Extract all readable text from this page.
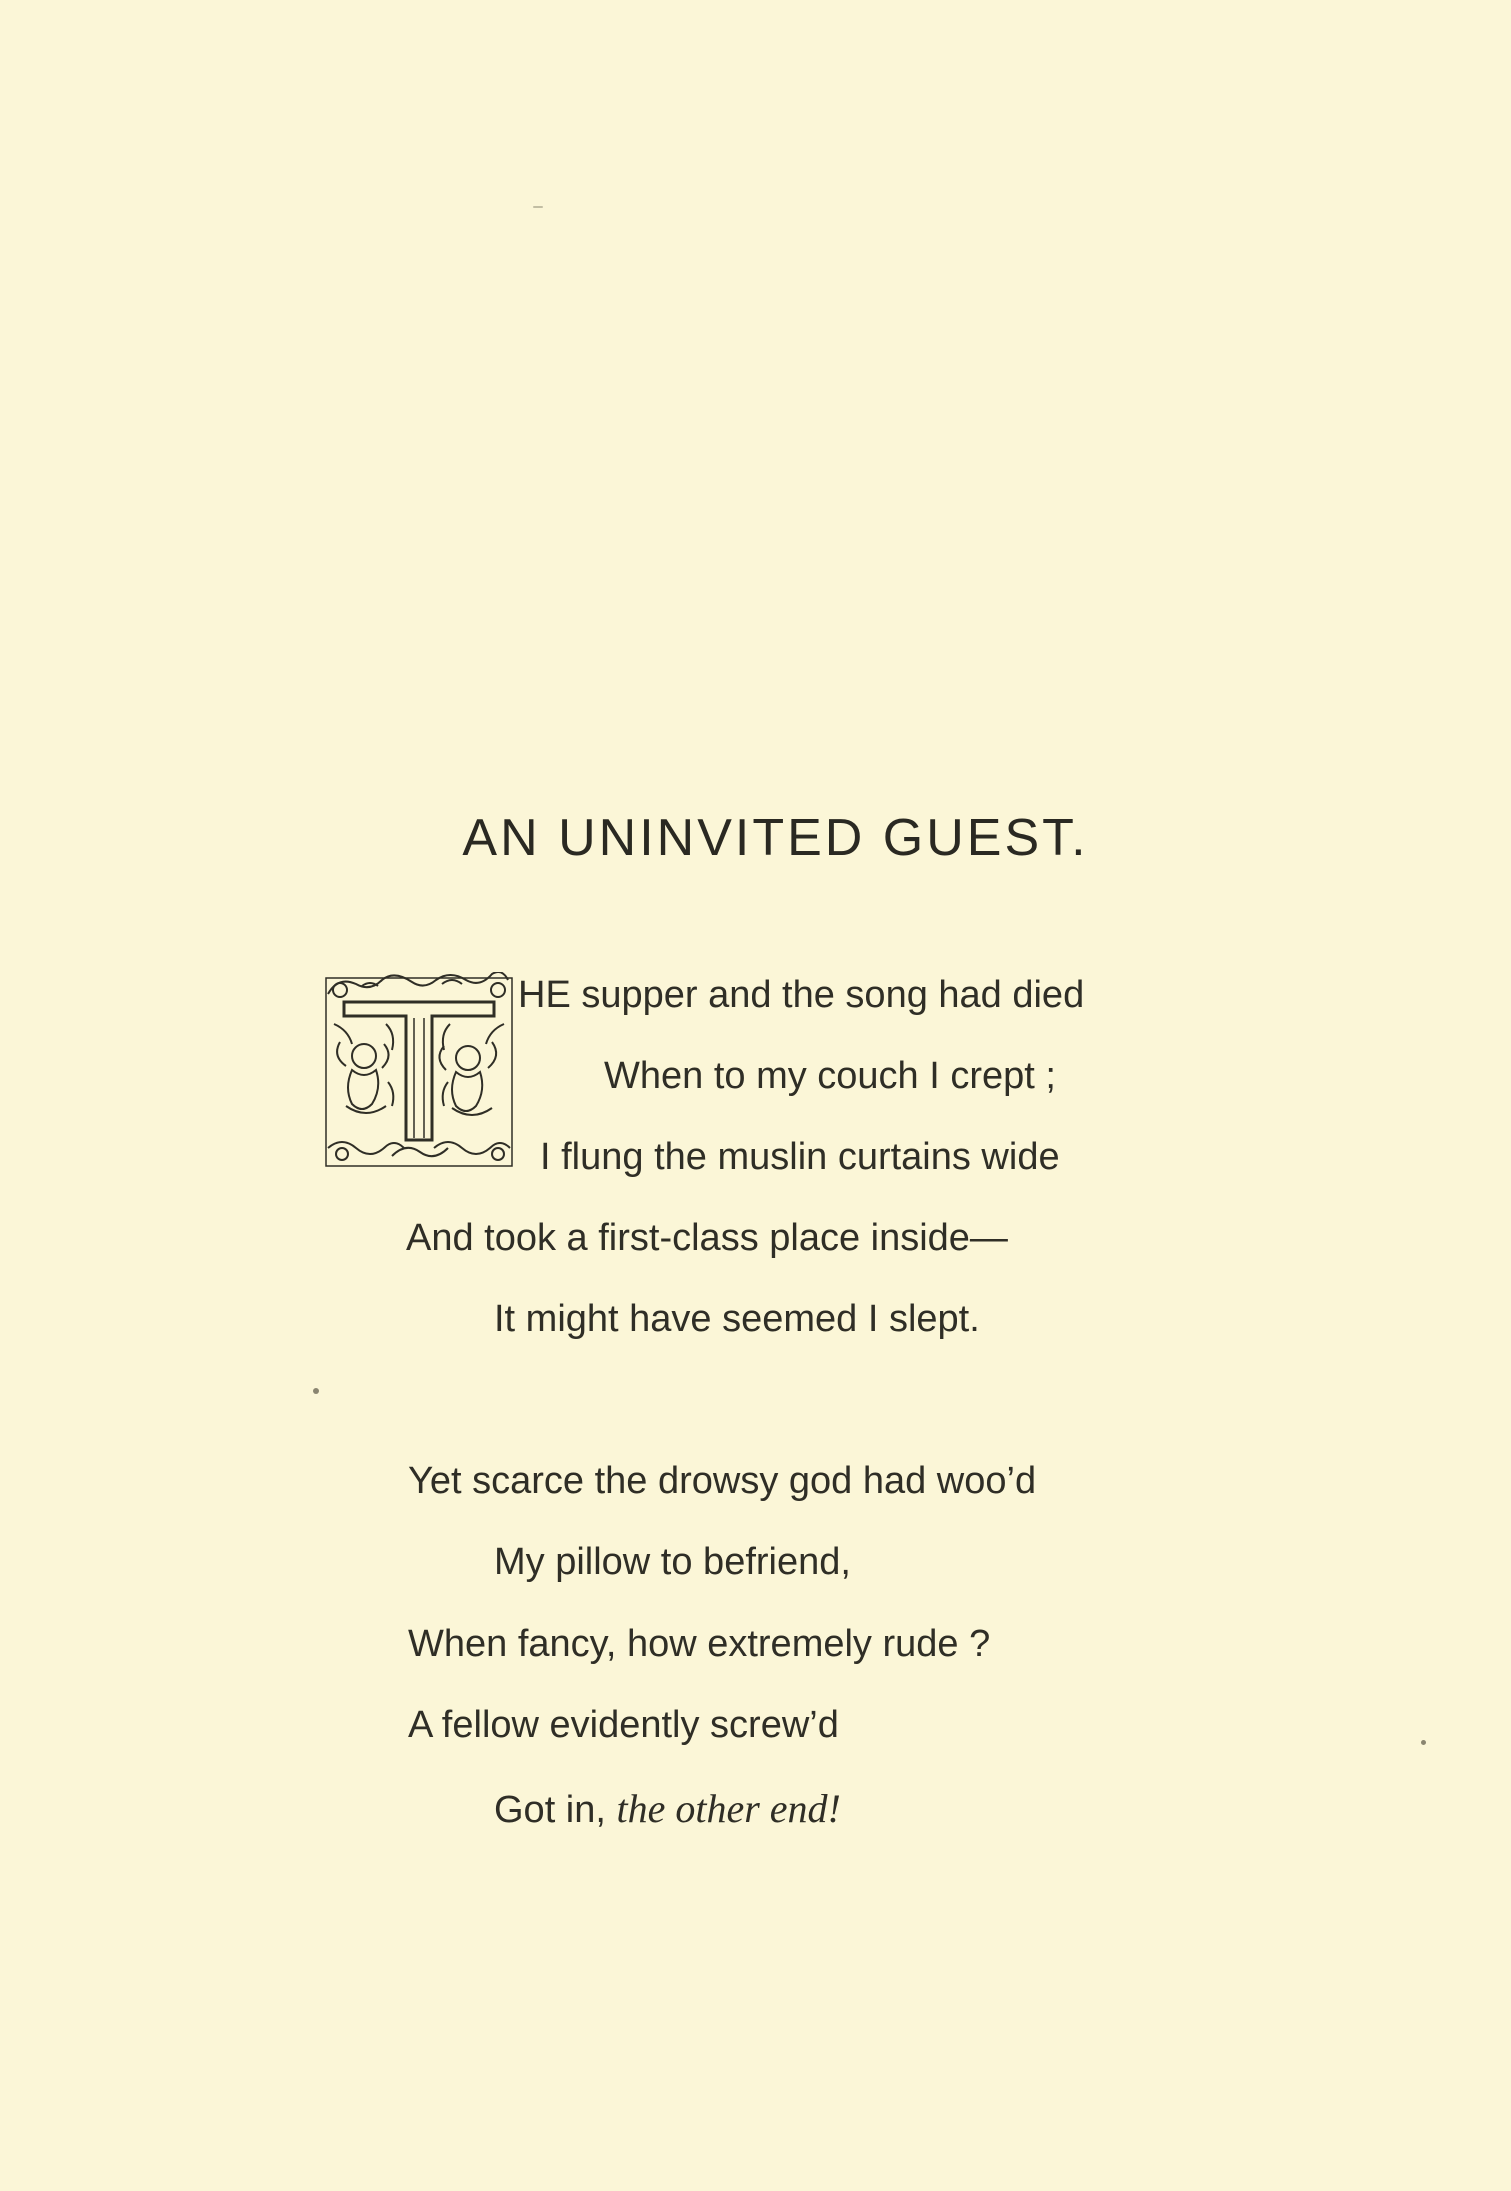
AN UNINVITED GUEST.
HE supper and the song had died
When to my couch I crept ;
I flung the muslin curtains wide
And took a first-class place inside—
It might have seemed I slept.
Yet scarce the drowsy god had woo’d
My pillow to befriend,
When fancy, how extremely rude ?
A fellow evidently screw’d
Got in, the other end!
